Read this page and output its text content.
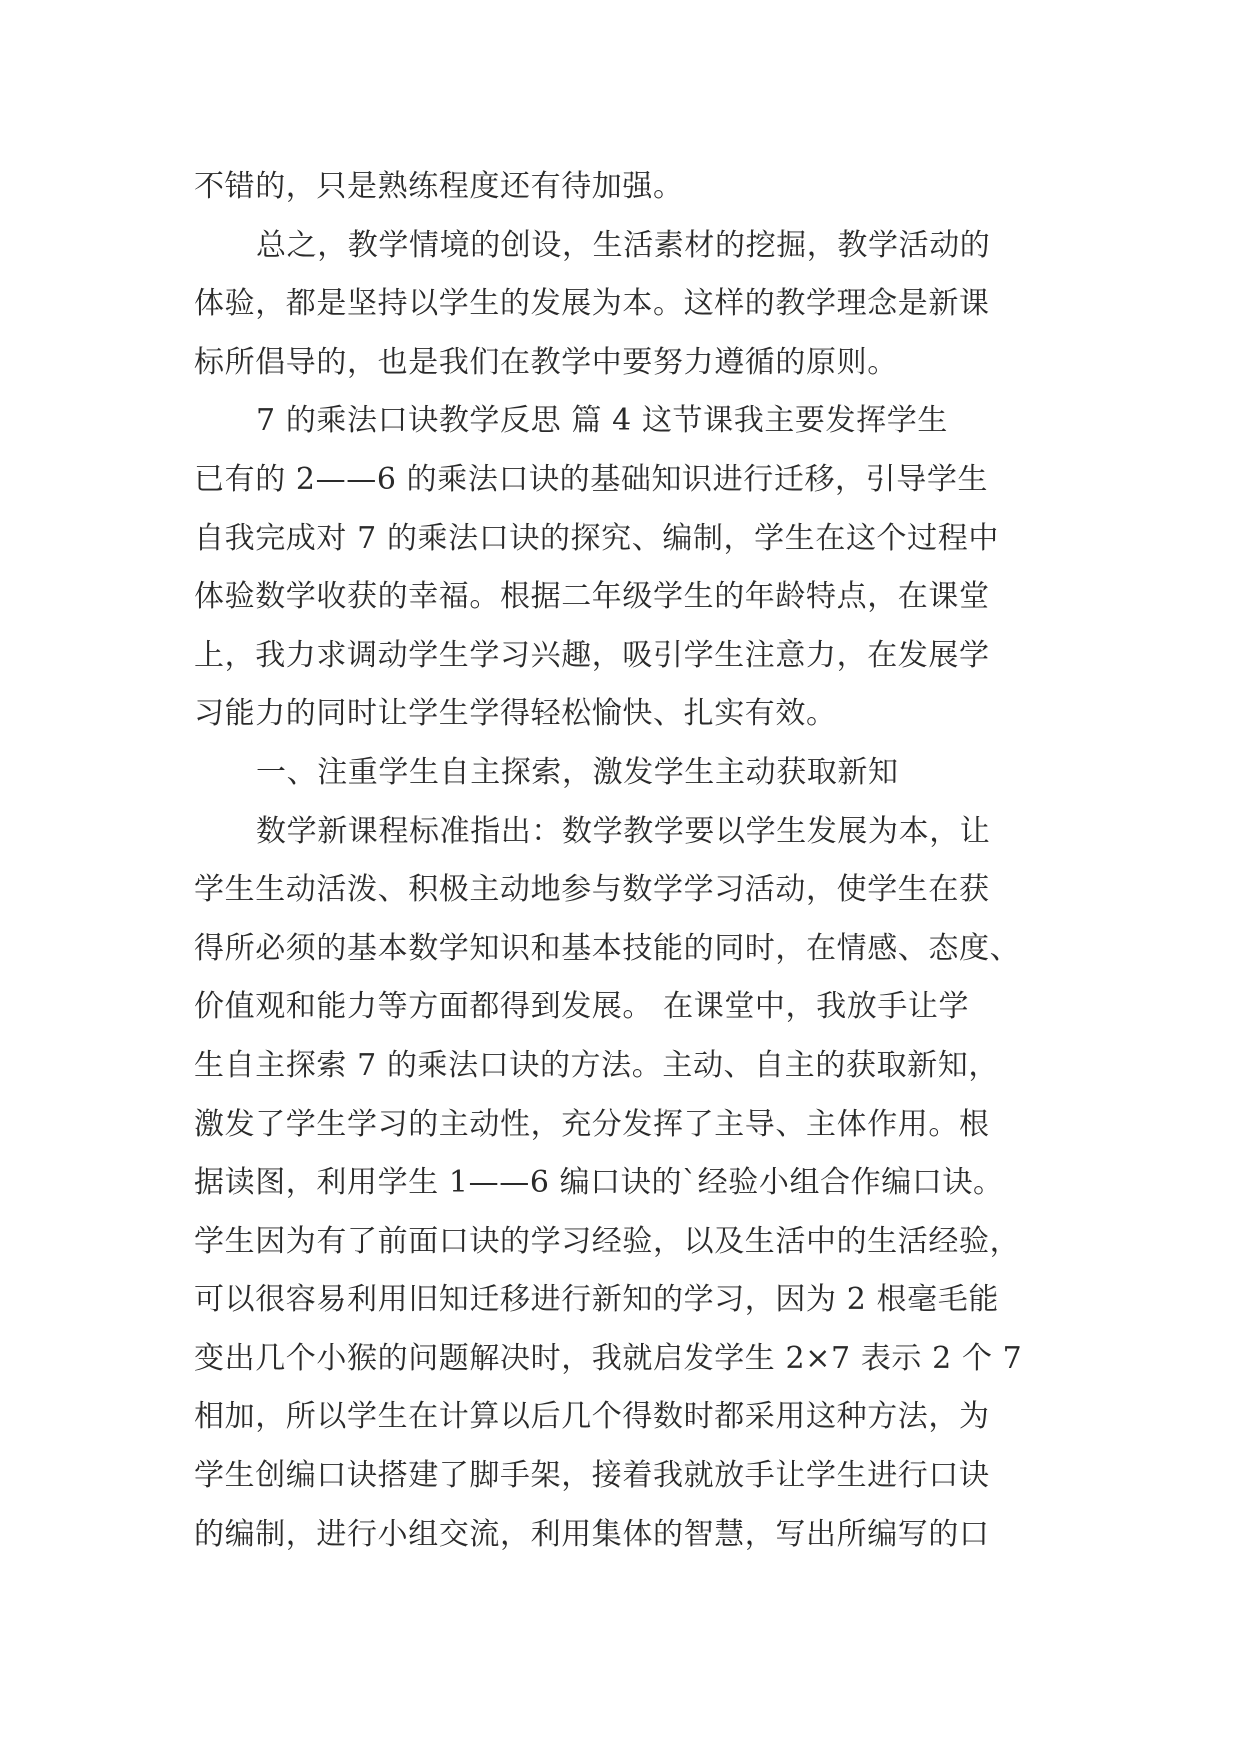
不错的，只是熟练程度还有待加强。
总之，教学情境的创设，生活素材的挖掘，教学活动的
体验，都是坚持以学生的发展为本。这样的教学理念是新课
标所倡导的，也是我们在教学中要努力遵循的原则。
7 的乘法口诀教学反思 篇 4 这节课我主要发挥学生
已有的 2——6 的乘法口诀的基础知识进行迁移，引导学生
自我完成对 7 的乘法口诀的探究、编制，学生在这个过程中
体验数学收获的幸福。根据二年级学生的年龄特点，在课堂
上，我力求调动学生学习兴趣，吸引学生注意力，在发展学
习能力的同时让学生学得轻松愉快、扎实有效。
一、注重学生自主探索，激发学生主动获取新知
数学新课程标准指出：数学教学要以学生发展为本，让
学生生动活泼、积极主动地参与数学学习活动，使学生在获
得所必须的基本数学知识和基本技能的同时，在情感、态度、
价值观和能力等方面都得到发展。 在课堂中，我放手让学
生自主探索 7 的乘法口诀的方法。主动、自主的获取新知，
激发了学生学习的主动性，充分发挥了主导、主体作用。根
据读图，利用学生 1——6 编口诀的`经验小组合作编口诀。
学生因为有了前面口诀的学习经验，以及生活中的生活经验，
可以很容易利用旧知迁移进行新知的学习，因为 2 根毫毛能
变出几个小猴的问题解决时，我就启发学生 2×7 表示 2 个 7
相加，所以学生在计算以后几个得数时都采用这种方法，为
学生创编口诀搭建了脚手架，接着我就放手让学生进行口诀
的编制，进行小组交流，利用集体的智慧，写出所编写的口
